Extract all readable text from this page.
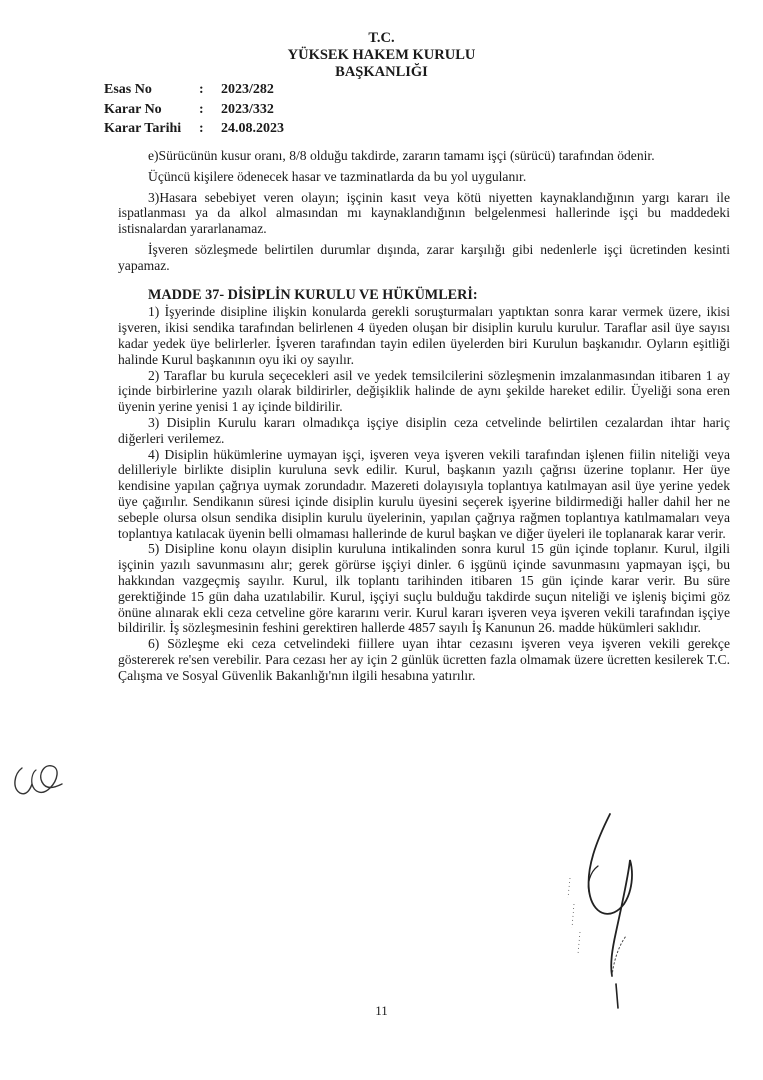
T.C.
YÜKSEK HAKEM KURULU
BAŞKANLIĞI
Esas No	:	2023/282
Karar No	:	2023/332
Karar Tarihi	:	24.08.2023

e)Sürücünün kusur oranı, 8/8 olduğu takdirde, zararın tamamı işçi (sürücü) tarafından ödenir.

Üçüncü kişilere ödenecek hasar ve tazminatlarda da bu yol uygulanır.

3)Hasara sebebiyet veren olayın; işçinin kasıt veya kötü niyetten kaynaklandığının yargı kararı ile ispatlanması ya da alkol almasından mı kaynaklandığının belgelenmesi hallerinde işçi bu maddedeki istisnalardan yararlanamaz.

İşveren sözleşmede belirtilen durumlar dışında, zarar karşılığı gibi nedenlerle işçi ücretinden kesinti yapamaz.

MADDE 37- DİSİPLİN KURULU VE HÜKÜMLERİ:

1) İşyerinde disipline ilişkin konularda gerekli soruşturmaları yaptıktan sonra karar vermek üzere, ikisi işveren, ikisi sendika tarafından belirlenen 4 üyeden oluşan bir disiplin kurulu kurulur. Taraflar asil üye sayısı kadar yedek üye belirlerler. İşveren tarafından tayin edilen üyelerden biri Kurulun başkanıdır. Oyların eşitliği halinde Kurul başkanının oyu iki oy sayılır.

2) Taraflar bu kurula seçecekleri asil ve yedek temsilcilerini sözleşmenin imzalanmasından itibaren 1 ay içinde birbirlerine yazılı olarak bildirirler, değişiklik halinde de aynı şekilde hareket edilir. Üyeliği sona eren üyenin yerine yenisi 1 ay içinde bildirilir.

3) Disiplin Kurulu kararı olmadıkça işçiye disiplin ceza cetvelinde belirtilen cezalardan ihtar hariç diğerleri verilemez.

4) Disiplin hükümlerine uymayan işçi, işveren veya işveren vekili tarafından işlenen fiilin niteliği veya delilleriyle birlikte disiplin kuruluna sevk edilir. Kurul, başkanın yazılı çağrısı üzerine toplanır. Her üye kendisine yapılan çağrıya uymak zorundadır. Mazereti dolayısıyla toplantıya katılmayan asil üye yerine yedek üye çağırılır. Sendikanın süresi içinde disiplin kurulu üyesini seçerek işyerine bildirmediği haller dahil her ne sebeple olursa olsun sendika disiplin kurulu üyelerinin, yapılan çağrıya rağmen toplantıya katılmamaları veya toplantıya katılacak üyenin belli olmaması hallerinde de kurul başkan ve diğer üyeleri ile toplanarak karar verir.

5) Disipline konu olayın disiplin kuruluna intikalinden sonra kurul 15 gün içinde toplanır. Kurul, ilgili işçinin yazılı savunmasını alır; gerek görürse işçiyi dinler. 6 işgünü içinde savunmasını yapmayan işçi, bu hakkından vazgeçmiş sayılır. Kurul, ilk toplantı tarihinden itibaren 15 gün içinde karar verir. Bu süre gerektiğinde 15 gün daha uzatılabilir. Kurul, işçiyi suçlu bulduğu takdirde suçun niteliği ve işleniş biçimi göz önüne alınarak ekli ceza cetveline göre kararını verir. Kurul kararı işveren veya işveren vekili tarafından işçiye bildirilir. İş sözleşmesinin feshini gerektiren hallerde 4857 sayılı İş Kanunun 26. madde hükümleri saklıdır.

6) Sözleşme eki ceza cetvelindeki fiillere uyan ihtar cezasını işveren veya işveren vekili gerekçe göstererek re'sen verebilir. Para cezası her ay için 2 günlük ücretten fazla olmamak üzere ücretten kesilerek T.C. Çalışma ve Sosyal Güvenlik Bakanlığı'nın ilgili hesabına yatırılır.

11
